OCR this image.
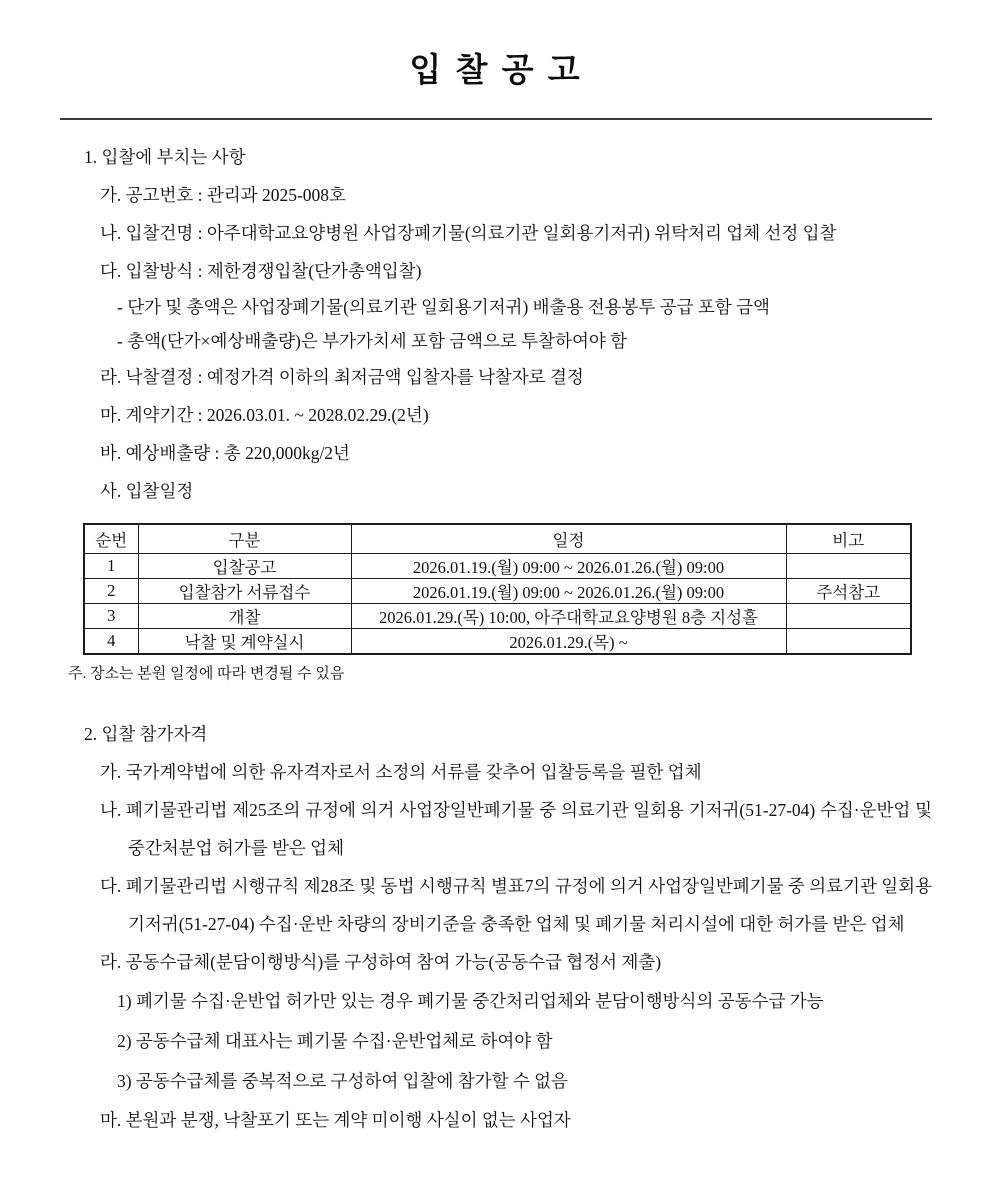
입 찰 공 고

1. 입찰에 부치는 사항

가. 공고번호 : 관리과 2025-008호

나. 입찰건명 : 아주대학교요양병원 사업장폐기물(의료기관 일회용기저귀) 위탁처리 업체 선정 입찰

다. 입찰방식 : 제한경쟁입찰(단가총액입찰)

- 단가 및 총액은 사업장폐기물(의료기관 일회용기저귀) 배출용 전용봉투 공급 포함 금액

- 총액(단가×예상배출량)은 부가가치세 포함 금액으로 투찰하여야 함

라. 낙찰결정 : 예정가격 이하의 최저금액 입찰자를 낙찰자로 결정

마. 계약기간 : 2026.03.01. ~ 2028.02.29.(2년)

바. 예상배출량 : 총 220,000kg/2년

사. 입찰일정

순번	구분	일정	비고
1	입찰공고	2026.01.19.(월) 09:00 ~ 2026.01.26.(월) 09:00	
2	입찰참가 서류접수	2026.01.19.(월) 09:00 ~ 2026.01.26.(월) 09:00	주석참고
3	개찰	2026.01.29.(목) 10:00, 아주대학교요양병원 8층 지성홀	
4	낙찰 및 계약실시	2026.01.29.(목) ~	

주. 장소는 본원 일정에 따라 변경될 수 있음

2. 입찰 참가자격

가. 국가계약법에 의한 유자격자로서 소정의 서류를 갖추어 입찰등록을 필한 업체

나. 폐기물관리법 제25조의 규정에 의거 사업장일반폐기물 중 의료기관 일회용 기저귀(51-27-04) 수집·운반업 및 중간처분업 허가를 받은 업체

다. 폐기물관리법 시행규칙 제28조 및 동법 시행규칙 별표7의 규정에 의거 사업장일반폐기물 중 의료기관 일회용 기저귀(51-27-04) 수집·운반 차량의 장비기준을 충족한 업체 및 폐기물 처리시설에 대한 허가를 받은 업체

라. 공동수급체(분담이행방식)를 구성하여 참여 가능(공동수급 협정서 제출)

1) 폐기물 수집·운반업 허가만 있는 경우 폐기물 중간처리업체와 분담이행방식의 공동수급 가능

2) 공동수급체 대표사는 폐기물 수집·운반업체로 하여야 함

3) 공동수급체를 중복적으로 구성하여 입찰에 참가할 수 없음

마. 본원과 분쟁, 낙찰포기 또는 계약 미이행 사실이 없는 사업자
